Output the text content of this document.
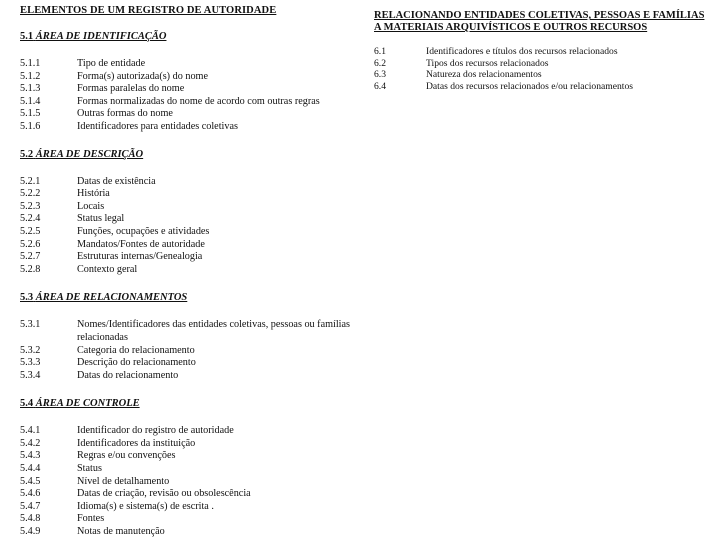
ELEMENTOS DE UM REGISTRO DE AUTORIDADE

5.1 ÁREA DE IDENTIFICAÇÃO

5.1.1	Tipo de entidade
5.1.2	Forma(s) autorizada(s) do nome
5.1.3	Formas paralelas do nome
5.1.4	Formas normalizadas do nome de acordo com outras regras
5.1.5	Outras formas do nome
5.1.6	Identificadores para entidades coletivas

5.2 ÁREA DE DESCRIÇÃO

5.2.1	Datas de existência
5.2.2	História
5.2.3	Locais
5.2.4	Status legal
5.2.5	Funções, ocupações e atividades
5.2.6	Mandatos/Fontes de autoridade
5.2.7	Estruturas internas/Genealogia
5.2.8	Contexto geral

5.3 ÁREA DE RELACIONAMENTOS

5.3.1	Nomes/Identificadores das entidades coletivas, pessoas ou famílias relacionadas
5.3.2	Categoria do relacionamento
5.3.3	Descrição do relacionamento
5.3.4	Datas do relacionamento

5.4 ÁREA DE CONTROLE

5.4.1	Identificador do registro de autoridade
5.4.2	Identificadores da instituição
5.4.3	Regras e/ou convenções
5.4.4	Status
5.4.5	Nível de detalhamento
5.4.6	Datas de criação, revisão ou obsolescência
5.4.7	Idioma(s) e sistema(s) de escrita .
5.4.8	Fontes
5.4.9	Notas de manutenção

RELACIONANDO ENTIDADES COLETIVAS, PESSOAS E FAMÍLIAS A MATERIAIS ARQUIVÍSTICOS E OUTROS RECURSOS

6.1	Identificadores e títulos dos recursos relacionados
6.2	Tipos dos recursos relacionados
6.3	Natureza dos relacionamentos
6.4	Datas dos recursos relacionados e/ou relacionamentos
